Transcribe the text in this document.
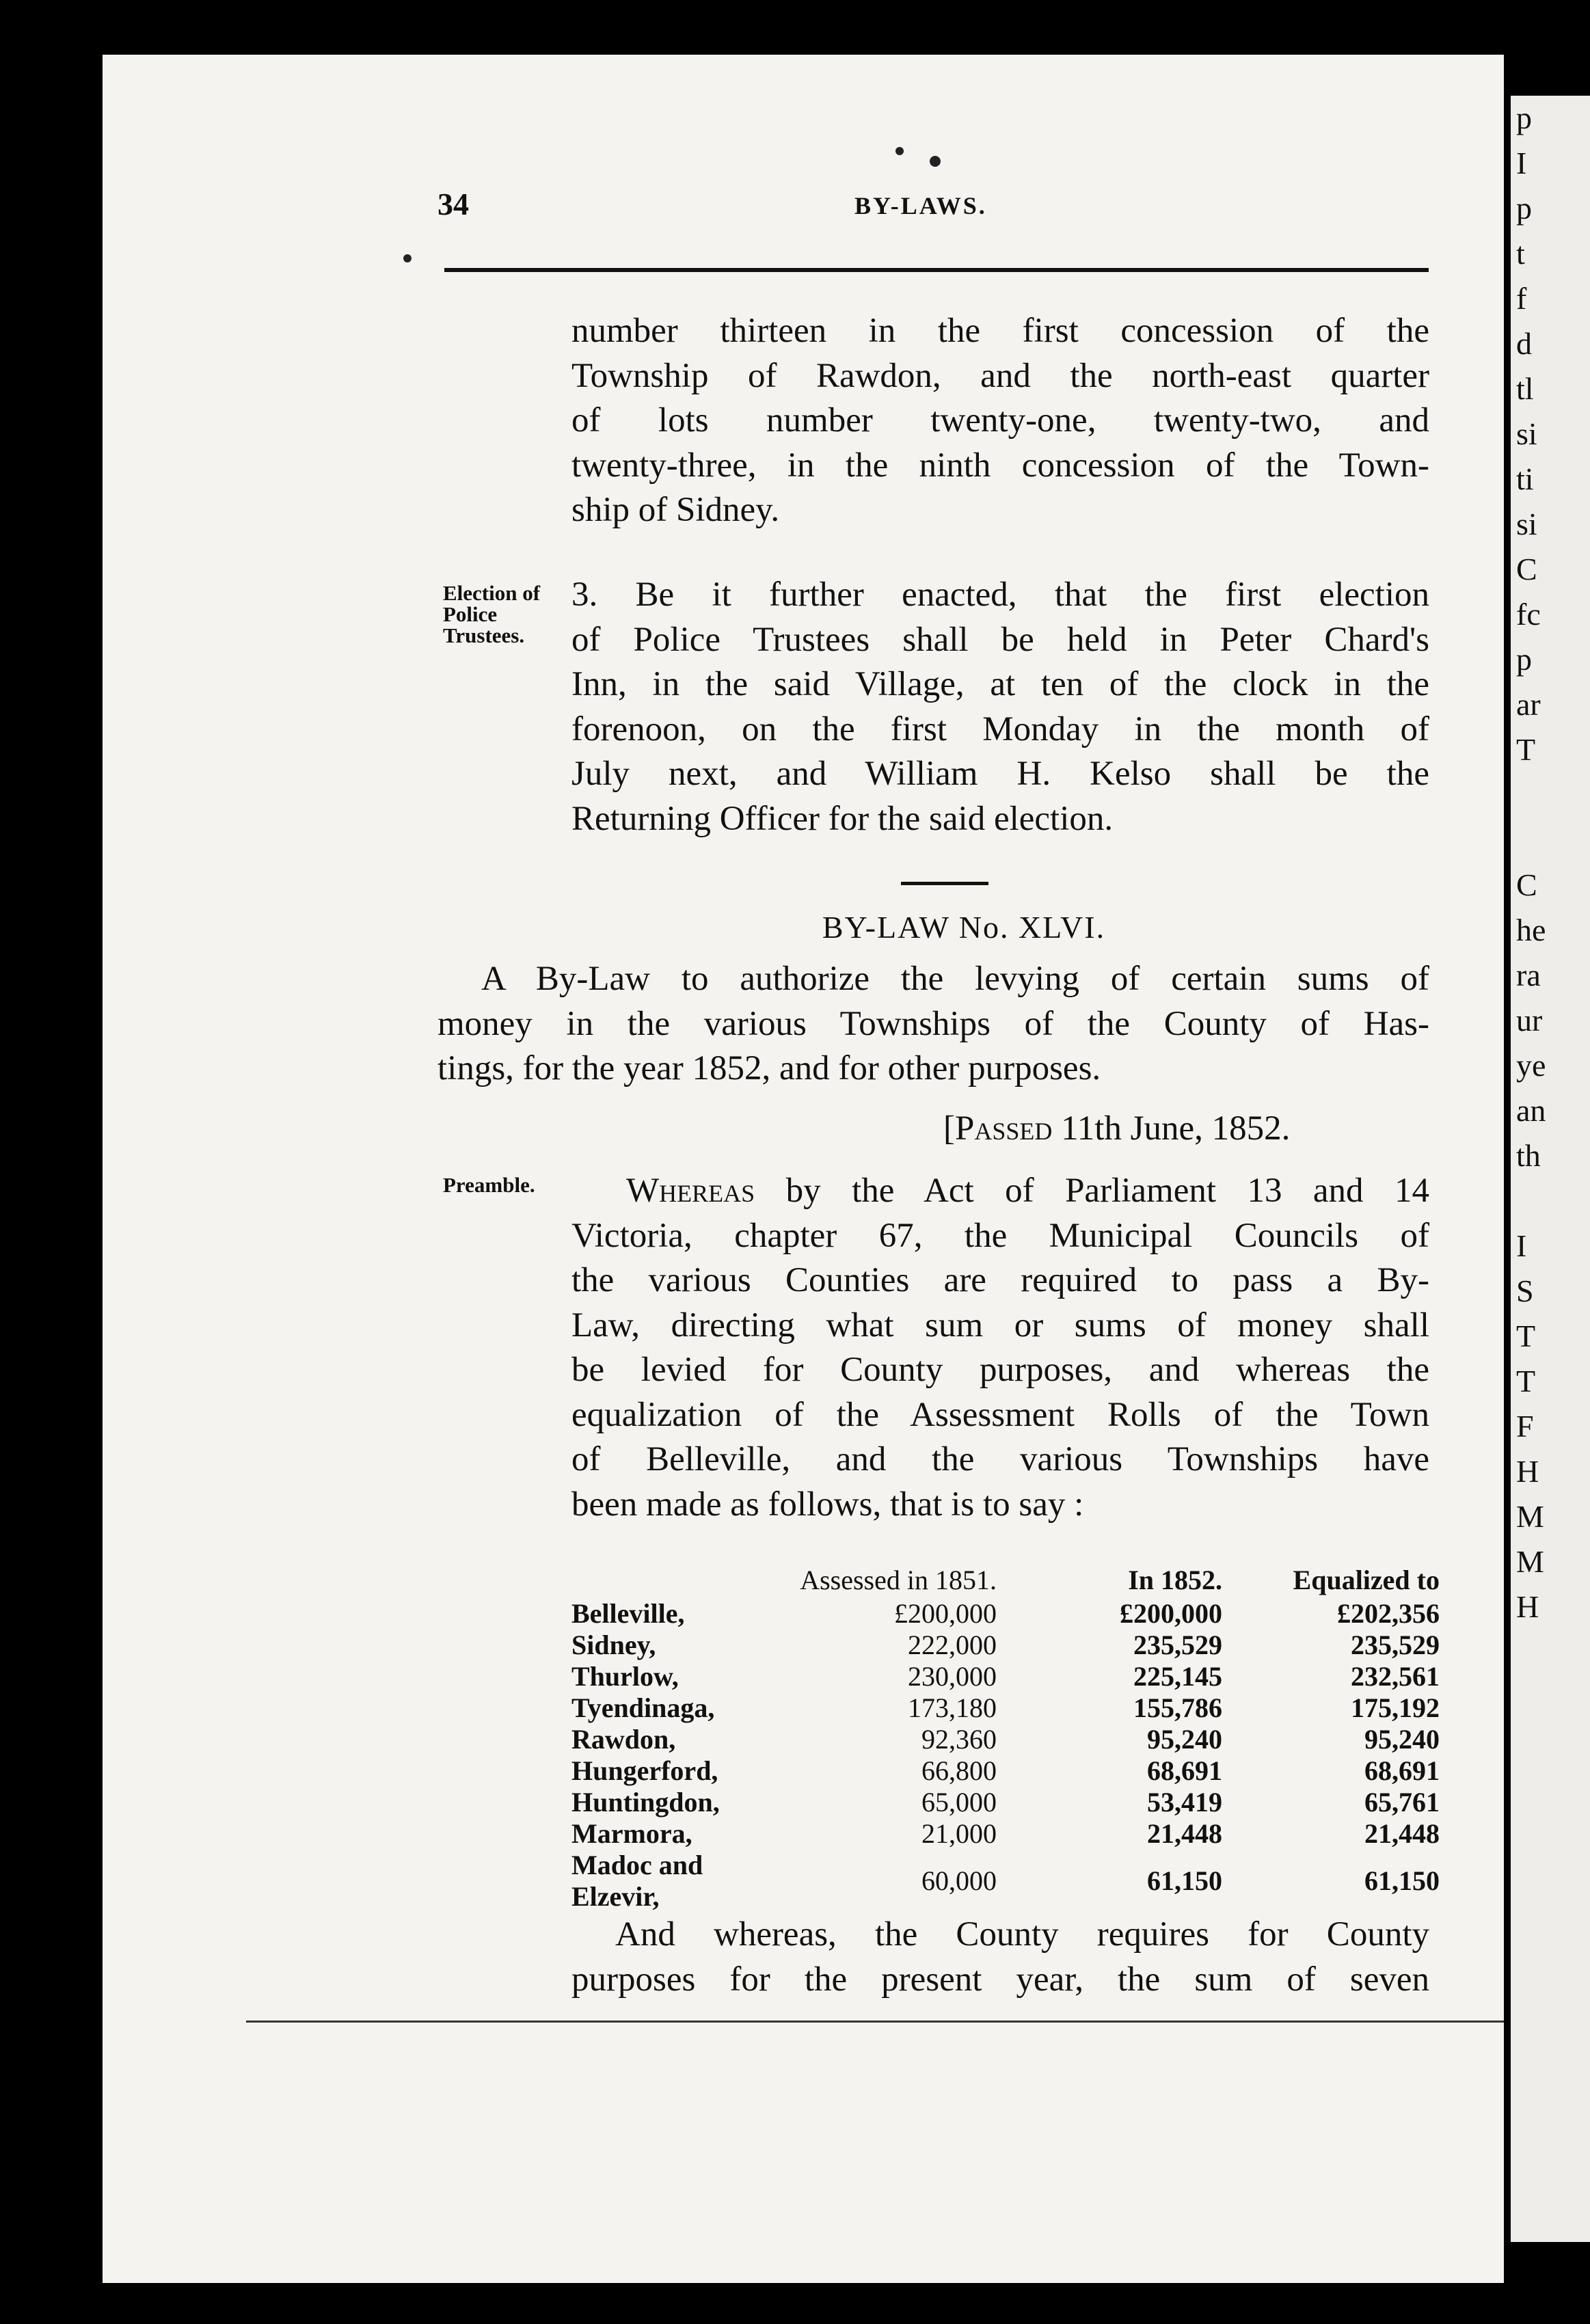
p
I
p
t
f
d
tl
si
ti
si
C
fc
p
ar
T

C
he
ra
ur
ye
an
th

I
S
T
T
F
H
M
M
H
34	BY-LAWS.

number thirteen in the first concession of the

Township of Rawdon, and the north-east quarter

of lots number twenty-one, twenty-two, and

twenty-three, in the ninth concession of the Town-

ship of Sidney.

Election of
Police
Trustees.

3. Be it further enacted, that the first election

of Police Trustees shall be held in Peter Chard's

Inn, in the said Village, at ten of the clock in the

forenoon, on the first Monday in the month of

July next, and William H. Kelso shall be the

Returning Officer for the said election.

BY-LAW No. XLVI.

A By-Law to authorize the levying of certain sums of

money in the various Townships of the County of Has-

tings, for the year 1852, and for other purposes.

[Passed 11th June, 1852.
Preamble.	Whereas by the Act of Parliament 13 and 14

Victoria, chapter 67, the Municipal Councils of

the various Counties are required to pass a By-

Law, directing what sum or sums of money shall

be levied for County purposes, and whereas the

equalization of the Assessment Rolls of the Town

of Belleville, and the various Townships have

been made as follows, that is to say :

	Assessed in 1851.	In 1852.	Equalized to
Belleville,	£200,000	£200,000	£202,356
Sidney,	222,000	235,529	235,529
Thurlow,	230,000	225,145	232,561
Tyendinaga,	173,180	155,786	175,192
Rawdon,	92,360	95,240	95,240
Hungerford,	66,800	68,691	68,691
Huntingdon,	65,000	53,419	65,761
Marmora,	21,000	21,448	21,448
Madoc and Elzevir,	60,000	61,150	61,150

And whereas, the County requires for County

purposes for the present year, the sum of seven
